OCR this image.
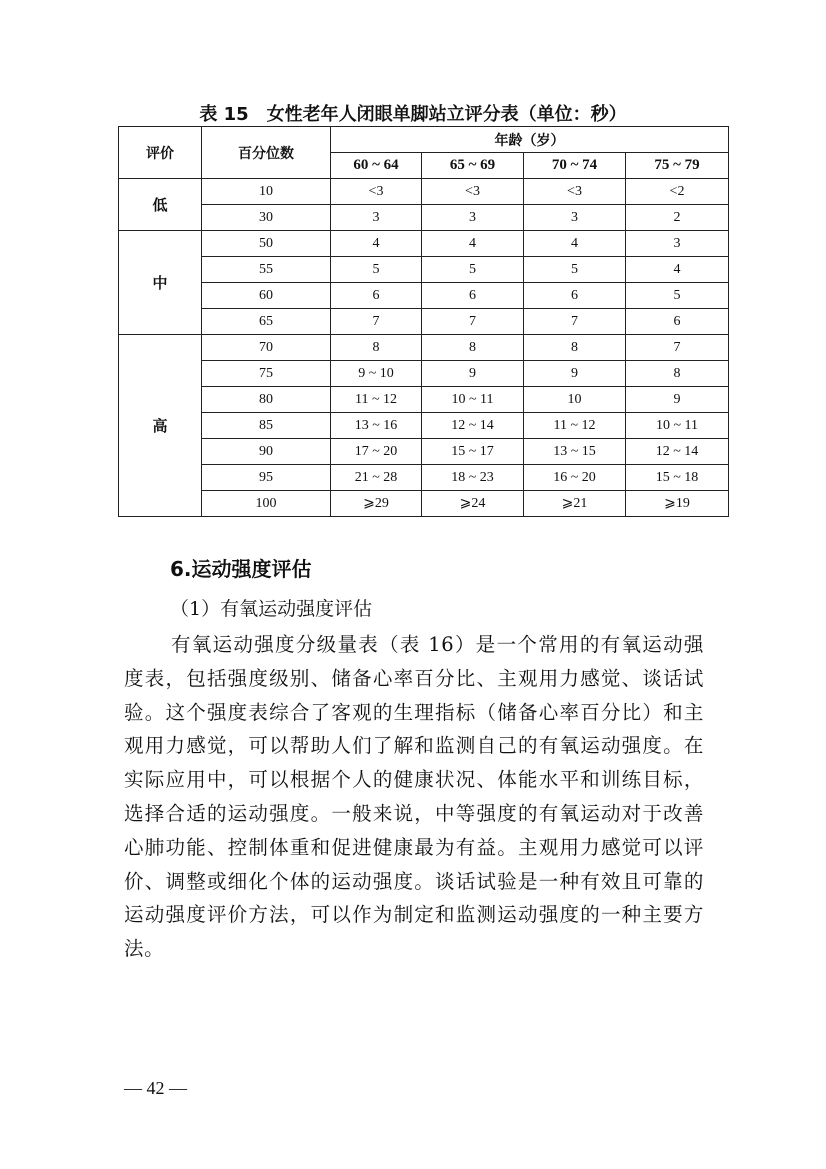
表 15　女性老年人闭眼单脚站立评分表（单位：秒）
评价	百分位数	年龄（岁）			
		60 ~ 64	65 ~ 69	70 ~ 74	75 ~ 79
低	10	<3	<3	<3	<2
	30	3	3	3	2
中	50	4	4	4	3
	55	5	5	5	4
	60	6	6	6	5
	65	7	7	7	6
高	70	8	8	8	7
	75	9 ~ 10	9	9	8
	80	11 ~ 12	10 ~ 11	10	9
	85	13 ~ 16	12 ~ 14	11 ~ 12	10 ~ 11
	90	17 ~ 20	15 ~ 17	13 ~ 15	12 ~ 14
	95	21 ~ 28	18 ~ 23	16 ~ 20	15 ~ 18
	100	⩾29	⩾24	⩾21	⩾19
6.运动强度评估
（1）有氧运动强度评估

有氧运动强度分级量表（表 16）是一个常用的有氧运动强度表，包括强度级别、储备心率百分比、主观用力感觉、谈话试验。这个强度表综合了客观的生理指标（储备心率百分比）和主观用力感觉，可以帮助人们了解和监测自己的有氧运动强度。在实际应用中，可以根据个人的健康状况、体能水平和训练目标，选择合适的运动强度。一般来说，中等强度的有氧运动对于改善心肺功能、控制体重和促进健康最为有益。主观用力感觉可以评价、调整或细化个体的运动强度。谈话试验是一种有效且可靠的运动强度评价方法，可以作为制定和监测运动强度的一种主要方法。

— 42 —
